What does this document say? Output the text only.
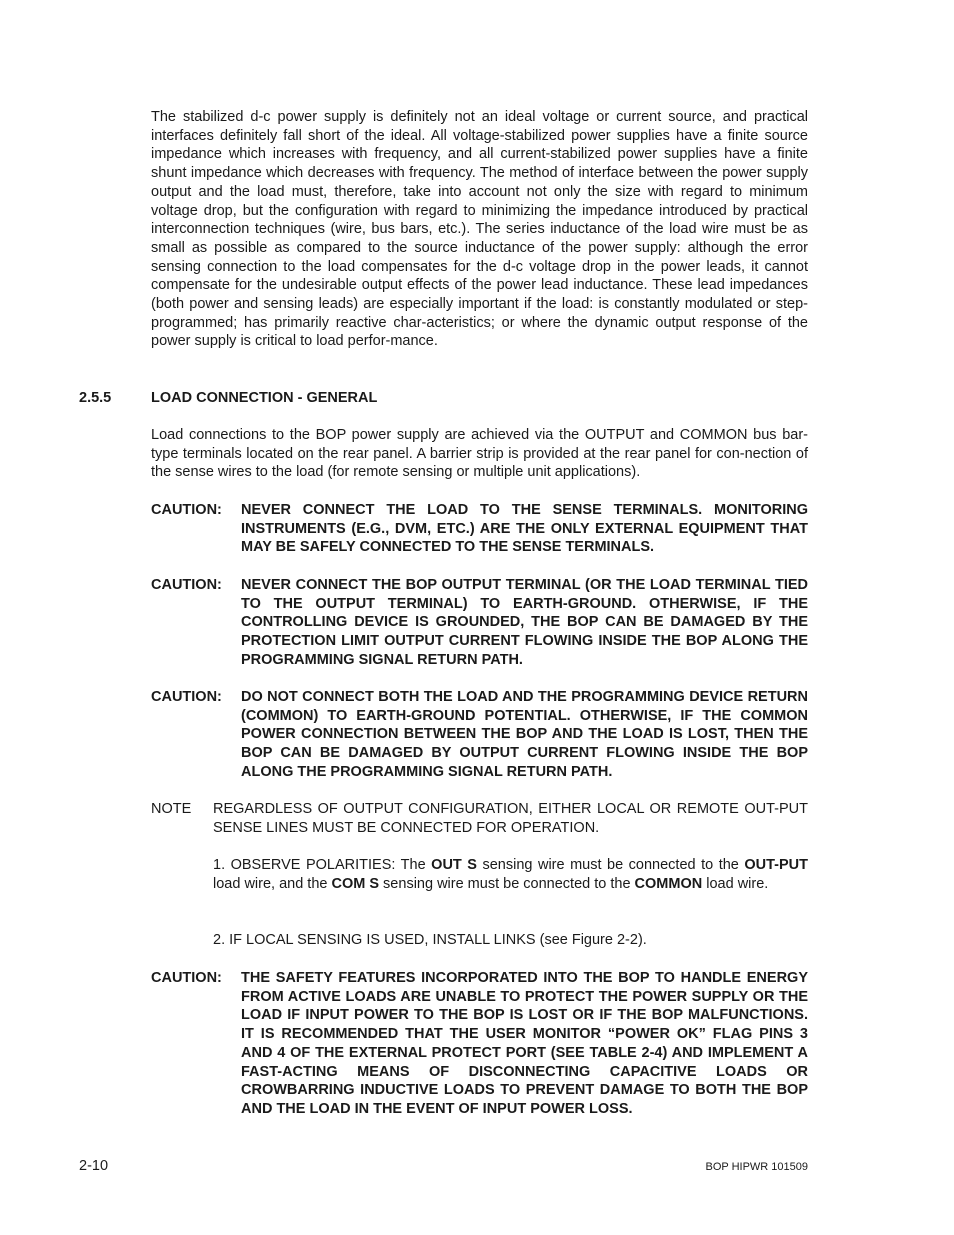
The stabilized d-c power supply is definitely not an ideal voltage or current source, and practical interfaces definitely fall short of the ideal. All voltage-stabilized power supplies have a finite source impedance which increases with frequency, and all current-stabilized power supplies have a finite shunt impedance which decreases with frequency. The method of interface between the power supply output and the load must, therefore, take into account not only the size with regard to minimum voltage drop, but the configuration with regard to minimizing the impedance introduced by practical interconnection techniques (wire, bus bars, etc.). The series inductance of the load wire must be as small as possible as compared to the source inductance of the power supply: although the error sensing connection to the load compensates for the d-c voltage drop in the power leads, it cannot compensate for the undesirable output effects of the power lead inductance. These lead impedances (both power and sensing leads) are especially important if the load: is constantly modulated or step-programmed; has primarily reactive char-acteristics; or where the dynamic output response of the power supply is critical to load perfor-mance.

2.5.5	LOAD CONNECTION - GENERAL

Load connections to the BOP power supply are achieved via the OUTPUT and COMMON bus bar-type terminals located on the rear panel. A barrier strip is provided at the rear panel for con-nection of the sense wires to the load (for remote sensing or multiple unit applications).

CAUTION: NEVER CONNECT THE LOAD TO THE SENSE TERMINALS. MONITORING INSTRUMENTS (E.G., DVM, ETC.) ARE THE ONLY EXTERNAL EQUIPMENT THAT MAY BE SAFELY CONNECTED TO THE SENSE TERMINALS.
CAUTION: NEVER CONNECT THE BOP OUTPUT TERMINAL (OR THE LOAD TERMINAL TIED TO THE OUTPUT TERMINAL) TO EARTH-GROUND. OTHERWISE, IF THE CONTROLLING DEVICE IS GROUNDED, THE BOP CAN BE DAMAGED BY THE PROTECTION LIMIT OUTPUT CURRENT FLOWING INSIDE THE BOP ALONG THE PROGRAMMING SIGNAL RETURN PATH.
CAUTION: DO NOT CONNECT BOTH THE LOAD AND THE PROGRAMMING DEVICE RETURN (COMMON) TO EARTH-GROUND POTENTIAL. OTHERWISE, IF THE COMMON POWER CONNECTION BETWEEN THE BOP AND THE LOAD IS LOST, THEN THE BOP CAN BE DAMAGED BY OUTPUT CURRENT FLOWING INSIDE THE BOP ALONG THE PROGRAMMING SIGNAL RETURN PATH.
NOTE REGARDLESS OF OUTPUT CONFIGURATION, EITHER LOCAL OR REMOTE OUT-PUT SENSE LINES MUST BE CONNECTED FOR OPERATION.
1. OBSERVE POLARITIES: The OUT S sensing wire must be connected to the OUT-PUT load wire, and the COM S sensing wire must be connected to the COMMON load wire.
2. IF LOCAL SENSING IS USED, INSTALL LINKS (see Figure 2-2).
CAUTION: THE SAFETY FEATURES INCORPORATED INTO THE BOP TO HANDLE ENERGY FROM ACTIVE LOADS ARE UNABLE TO PROTECT THE POWER SUPPLY OR THE LOAD IF INPUT POWER TO THE BOP IS LOST OR IF THE BOP MALFUNCTIONS. IT IS RECOMMENDED THAT THE USER MONITOR “POWER OK” FLAG PINS 3 AND 4 OF THE EXTERNAL PROTECT PORT (SEE TABLE 2-4) AND IMPLEMENT A FAST-ACTING MEANS OF DISCONNECTING CAPACITIVE LOADS OR CROWBARRING INDUCTIVE LOADS TO PREVENT DAMAGE TO BOTH THE BOP AND THE LOAD IN THE EVENT OF INPUT POWER LOSS.
2-10	BOP HIPWR 101509
